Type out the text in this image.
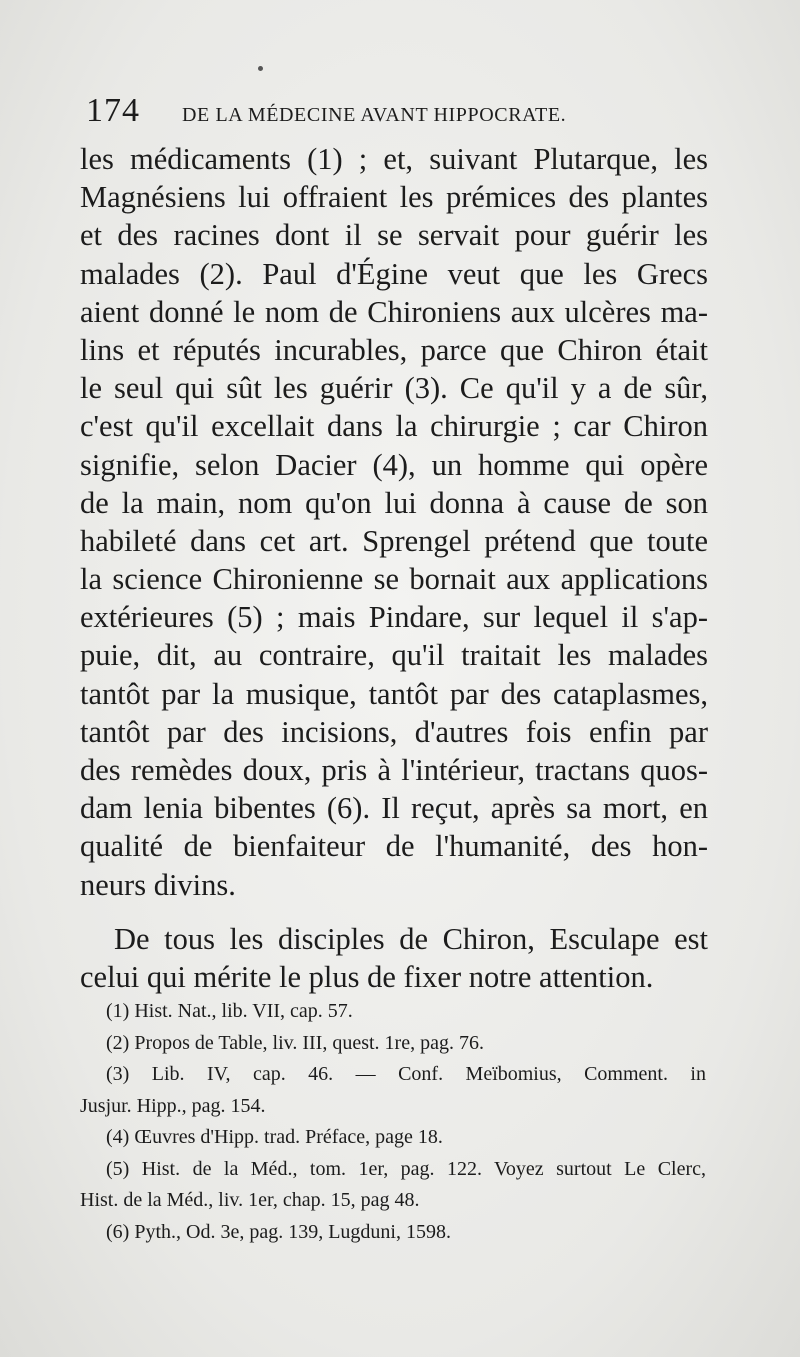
174 DE LA MÉDECINE AVANT HIPPOCRATE.
les médicaments (1) ; et, suivant Plutarque, les
Magnésiens lui offraient les prémices des plantes
et des racines dont il se servait pour guérir les
malades (2). Paul d'Égine veut que les Grecs
aient donné le nom de Chironiens aux ulcères ma-
lins et réputés incurables, parce que Chiron était
le seul qui sût les guérir (3). Ce qu'il y a de sûr,
c'est qu'il excellait dans la chirurgie ; car Chiron
signifie, selon Dacier (4), un homme qui opère
de la main, nom qu'on lui donna à cause de son
habileté dans cet art. Sprengel prétend que toute
la science Chironienne se bornait aux applications
extérieures (5) ; mais Pindare, sur lequel il s'ap-
puie, dit, au contraire, qu'il traitait les malades
tantôt par la musique, tantôt par des cataplasmes,
tantôt par des incisions, d'autres fois enfin par
des remèdes doux, pris à l'intérieur, tractans quos-
dam lenia bibentes (6). Il reçut, après sa mort, en
qualité de bienfaiteur de l'humanité, des hon-
neurs divins.
De tous les disciples de Chiron, Esculape est
celui qui mérite le plus de fixer notre attention.
(1) Hist. Nat., lib. VII, cap. 57.
(2) Propos de Table, liv. III, quest. 1re, pag. 76.
(3) Lib. IV, cap. 46. — Conf. Meïbomius, Comment. in
Jusjur. Hipp., pag. 154.
(4) Œuvres d'Hipp. trad. Préface, page 18.
(5) Hist. de la Méd., tom. 1er, pag. 122. Voyez surtout Le Clerc,
Hist. de la Méd., liv. 1er, chap. 15, pag 48.
(6) Pyth., Od. 3e, pag. 139, Lugduni, 1598.
